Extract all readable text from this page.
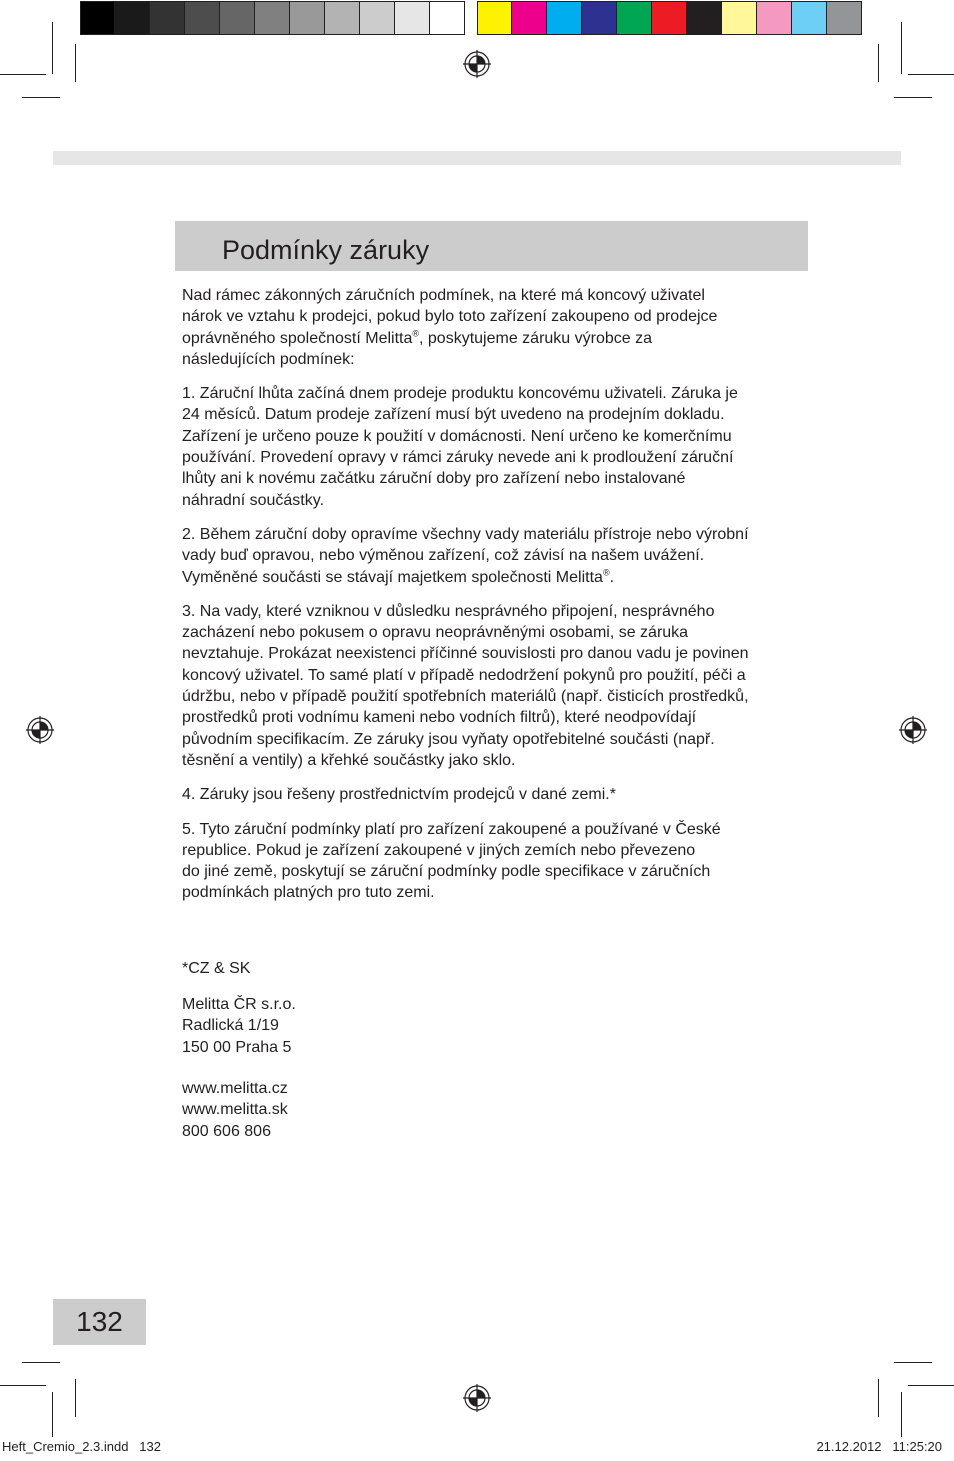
Podmínky záruky

Nad rámec zákonných záručních podmínek, na které má koncový uživatel
nárok ve vztahu k prodejci, pokud bylo toto zařízení zakoupeno od prodejce
oprávněného společností Melitta®, poskytujeme záruku výrobce za
následujících podmínek:

1. Záruční lhůta začíná dnem prodeje produktu koncovému uživateli. Záruka je
24 měsíců. Datum prodeje zařízení musí být uvedeno na prodejním dokladu.
Zařízení je určeno pouze k použití v domácnosti. Není určeno ke komerčnímu
používání. Provedení opravy v rámci záruky nevede ani k prodloužení záruční
lhůty ani k novému začátku záruční doby pro zařízení nebo instalované
náhradní součástky.

2. Během záruční doby opravíme všechny vady materiálu přístroje nebo výrobní
vady buď opravou, nebo výměnou zařízení, což závisí na našem uvážení.
Vyměněné součásti se stávají majetkem společnosti Melitta®.

3. Na vady, které vzniknou v důsledku nesprávného připojení, nesprávného
zacházení nebo pokusem o opravu neoprávněnými osobami, se záruka
nevztahuje. Prokázat neexistenci příčinné souvislosti pro danou vadu je povinen
koncový uživatel. To samé platí v případě nedodržení pokynů pro použití, péči a
údržbu, nebo v případě použití spotřebních materiálů (např. čisticích prostředků,
prostředků proti vodnímu kameni nebo vodních filtrů), které neodpovídají
původním specifikacím. Ze záruky jsou vyňaty opotřebitelné součásti (např.
těsnění a ventily) a křehké součástky jako sklo.

4. Záruky jsou řešeny prostřednictvím prodejců v dané zemi.*

5. Tyto záruční podmínky platí pro zařízení zakoupené a používané v České
republice. Pokud je zařízení zakoupené v jiných zemích nebo převezeno
do jiné země, poskytují se záruční podmínky podle specifikace v záručních
podmínkách platných pro tuto zemi.

*CZ & SK
Melitta ČR s.r.o.
Radlická 1/19
150 00 Praha 5
www.melitta.cz
www.melitta.sk
800 606 806
132
Heft_Cremio_2.3.indd   132	21.12.2012   11:25:20
